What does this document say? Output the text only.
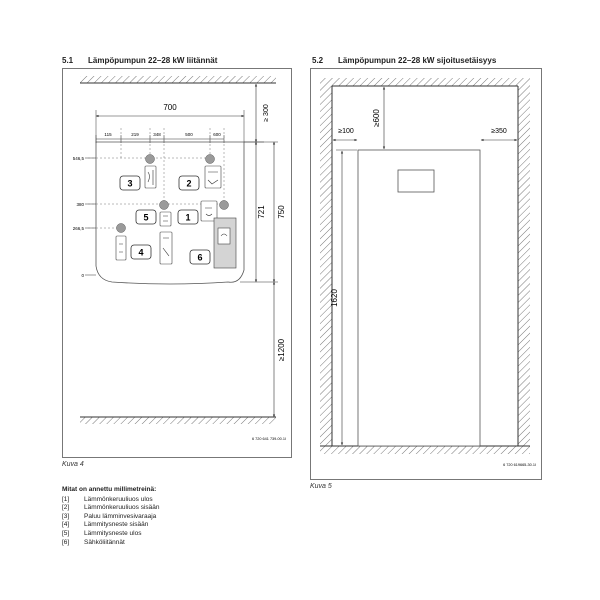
5.1 Lämpöpumpun 22–28 kW liitännät	5.2 Lämpöpumpun 22–28 kW sijoitusetäisyys
700
115	219	348	500	600
≥ 300
546,5
380
266,5
0
721 750
≥1200
3	2
5	1
4	6
6 720 641 739-00.1I
≥600
≥100	≥350
1620
6 720 619665-30.1I
Kuva 4
Kuva 5
Mitat on annettu millimetreinä:
[1] Lämmönkeruuliuos ulos
[2] Lämmönkeruuliuos sisään
[3] Paluu lämminvesivaraaja
[4] Lämmitysneste sisään
[5] Lämmitysneste ulos
[6] Sähköliitännät
